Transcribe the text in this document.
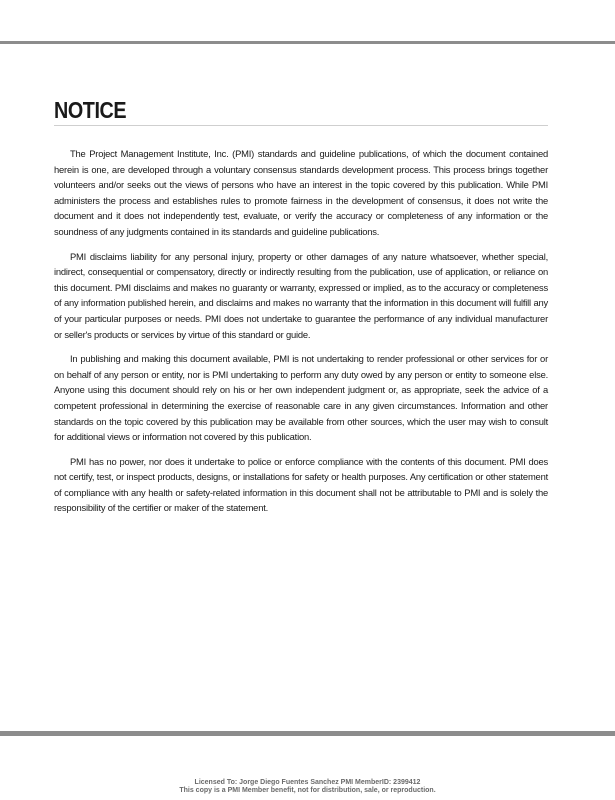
NOTICE

The Project Management Institute, Inc. (PMI) standards and guideline publications, of which the document contained herein is one, are developed through a voluntary consensus standards development process. This process brings together volunteers and/or seeks out the views of persons who have an interest in the topic covered by this publication. While PMI administers the process and establishes rules to promote fairness in the development of consensus, it does not write the document and it does not independently test, evaluate, or verify the accuracy or completeness of any information or the soundness of any judgments contained in its standards and guideline publications.

PMI disclaims liability for any personal injury, property or other damages of any nature whatsoever, whether special, indirect, consequential or compensatory, directly or indirectly resulting from the publication, use of application, or reliance on this document. PMI disclaims and makes no guaranty or warranty, expressed or implied, as to the accuracy or completeness of any information published herein, and disclaims and makes no warranty that the information in this document will fulfill any of your particular purposes or needs. PMI does not undertake to guarantee the performance of any individual manufacturer or seller's products or services by virtue of this standard or guide.

In publishing and making this document available, PMI is not undertaking to render professional or other services for or on behalf of any person or entity, nor is PMI undertaking to perform any duty owed by any person or entity to someone else. Anyone using this document should rely on his or her own independent judgment or, as appropriate, seek the advice of a competent professional in determining the exercise of reasonable care in any given circumstances. Information and other standards on the topic covered by this publication may be available from other sources, which the user may wish to consult for additional views or information not covered by this publication.

PMI has no power, nor does it undertake to police or enforce compliance with the contents of this document. PMI does not certify, test, or inspect products, designs, or installations for safety or health purposes. Any certification or other statement of compliance with any health or safety-related information in this document shall not be attributable to PMI and is solely the responsibility of the certifier or maker of the statement.

Licensed To: Jorge Diego Fuentes Sanchez PMI MemberID: 2399412
This copy is a PMI Member benefit, not for distribution, sale, or reproduction.
